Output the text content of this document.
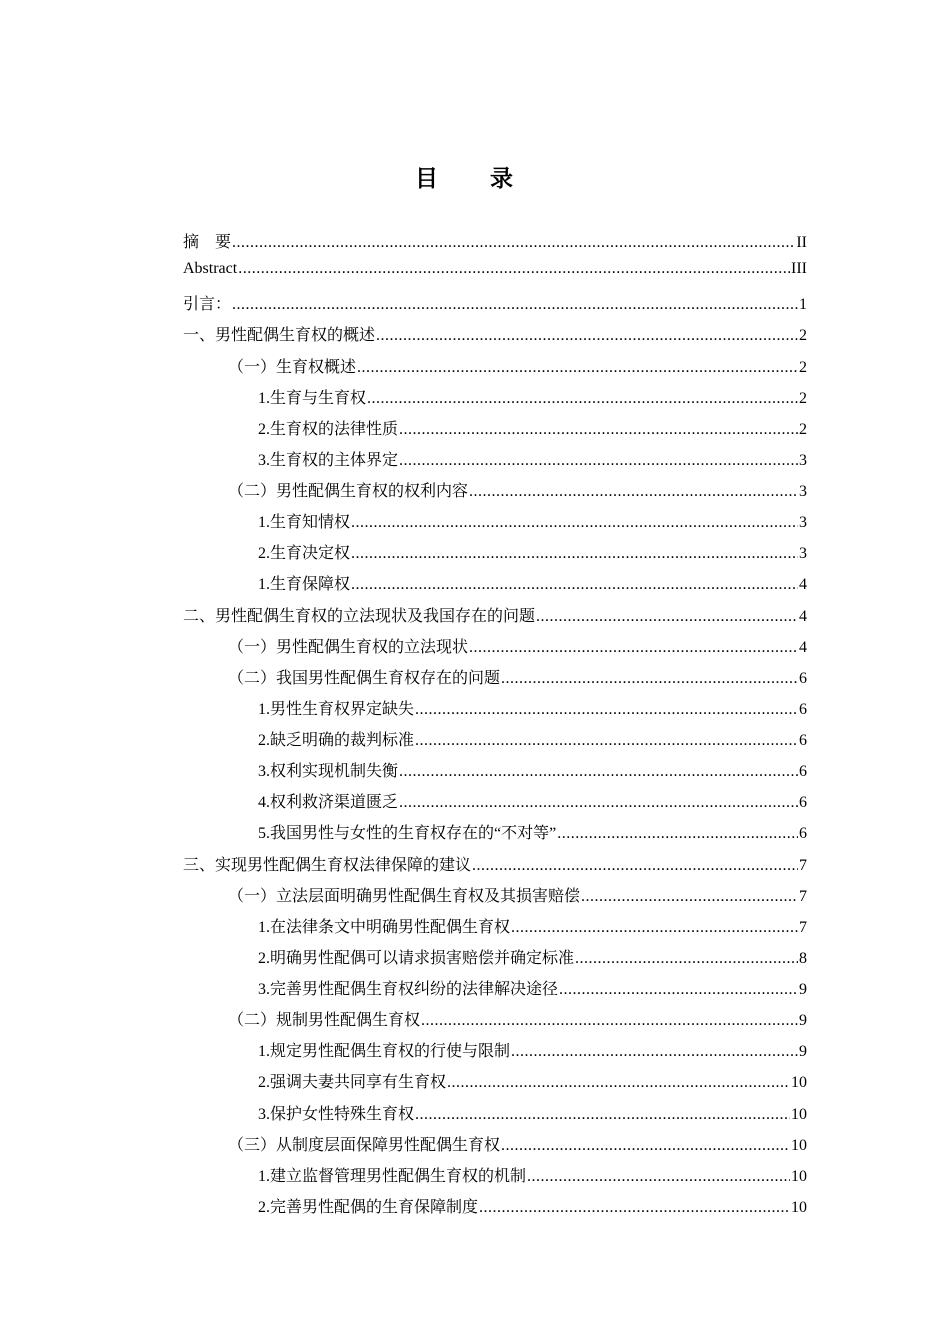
目 录
摘　要 .....	II
Abstract .....	III
引言： .....	1
一、男性配偶生育权的概述 .....	2
（一）生育权概述 .....	2
1.生育与生育权 .....	2
2.生育权的法律性质 .....	2
3.生育权的主体界定 .....	3
（二）男性配偶生育权的权利内容 .....	3
1.生育知情权 .....	3
2.生育决定权 .....	3
1.生育保障权 .....	4
二、男性配偶生育权的立法现状及我国存在的问题 .....	4
（一）男性配偶生育权的立法现状 .....	4
（二）我国男性配偶生育权存在的问题 .....	6
1.男性生育权界定缺失 .....	6
2.缺乏明确的裁判标准 .....	6
3.权利实现机制失衡 .....	6
4.权利救济渠道匮乏 .....	6
5.我国男性与女性的生育权存在的“不对等” .....	6
三、实现男性配偶生育权法律保障的建议 .....	7
（一）立法层面明确男性配偶生育权及其损害赔偿 .....	7
1.在法律条文中明确男性配偶生育权 .....	7
2.明确男性配偶可以请求损害赔偿并确定标准 .....	8
3.完善男性配偶生育权纠纷的法律解决途径 .....	9
（二）规制男性配偶生育权 .....	9
1.规定男性配偶生育权的行使与限制 .....	9
2.强调夫妻共同享有生育权 .....	10
3.保护女性特殊生育权 .....	10
（三）从制度层面保障男性配偶生育权 .....	10
1.建立监督管理男性配偶生育权的机制 .....	10
2.完善男性配偶的生育保障制度 .....	10
